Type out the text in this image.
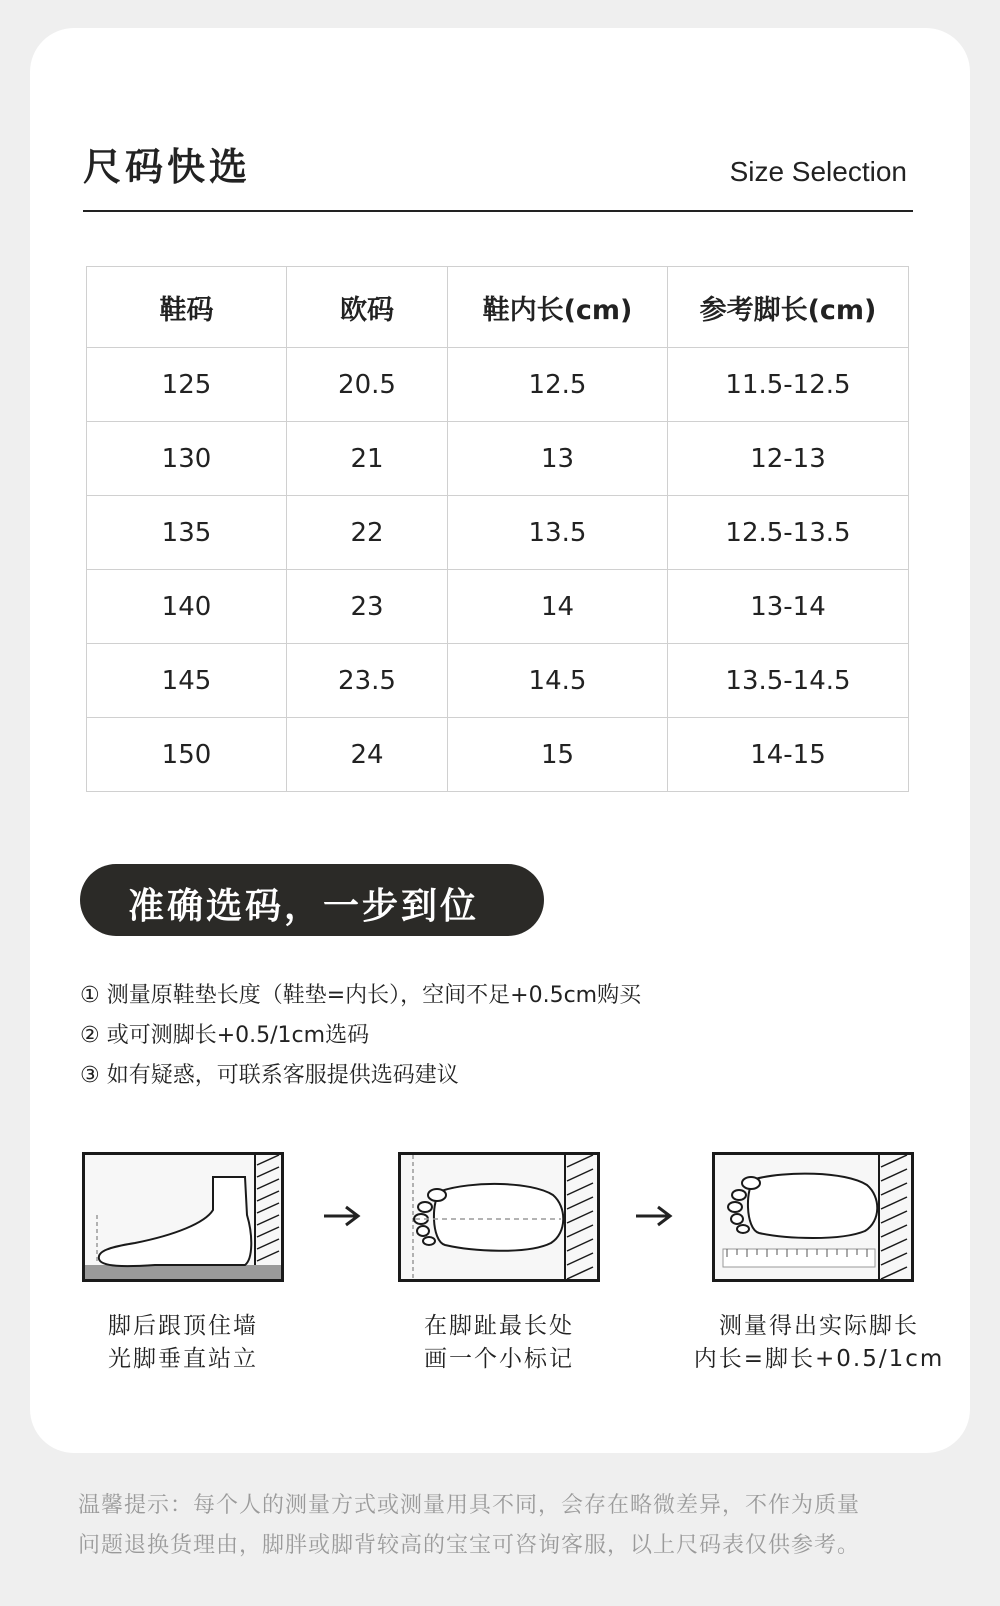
尺码快选	Size Selection
鞋码	欧码	鞋内长(cm)	参考脚长(cm)
125	20.5	12.5	11.5-12.5
130	21	13	12-13
135	22	13.5	12.5-13.5
140	23	14	13-14
145	23.5	14.5	13.5-14.5
150	24	15	14-15
准确选码，一步到位
① 测量原鞋垫长度（鞋垫=内长），空间不足+0.5cm购买
② 或可测脚长+0.5/1cm选码
③ 如有疑惑，可联系客服提供选码建议
脚后跟顶住墙
光脚垂直站立
在脚趾最长处
画一个小标记
测量得出实际脚长
内长=脚长+0.5/1cm
温馨提示：每个人的测量方式或测量用具不同，会存在略微差异，不作为质量
问题退换货理由，脚胖或脚背较高的宝宝可咨询客服，以上尺码表仅供参考。
